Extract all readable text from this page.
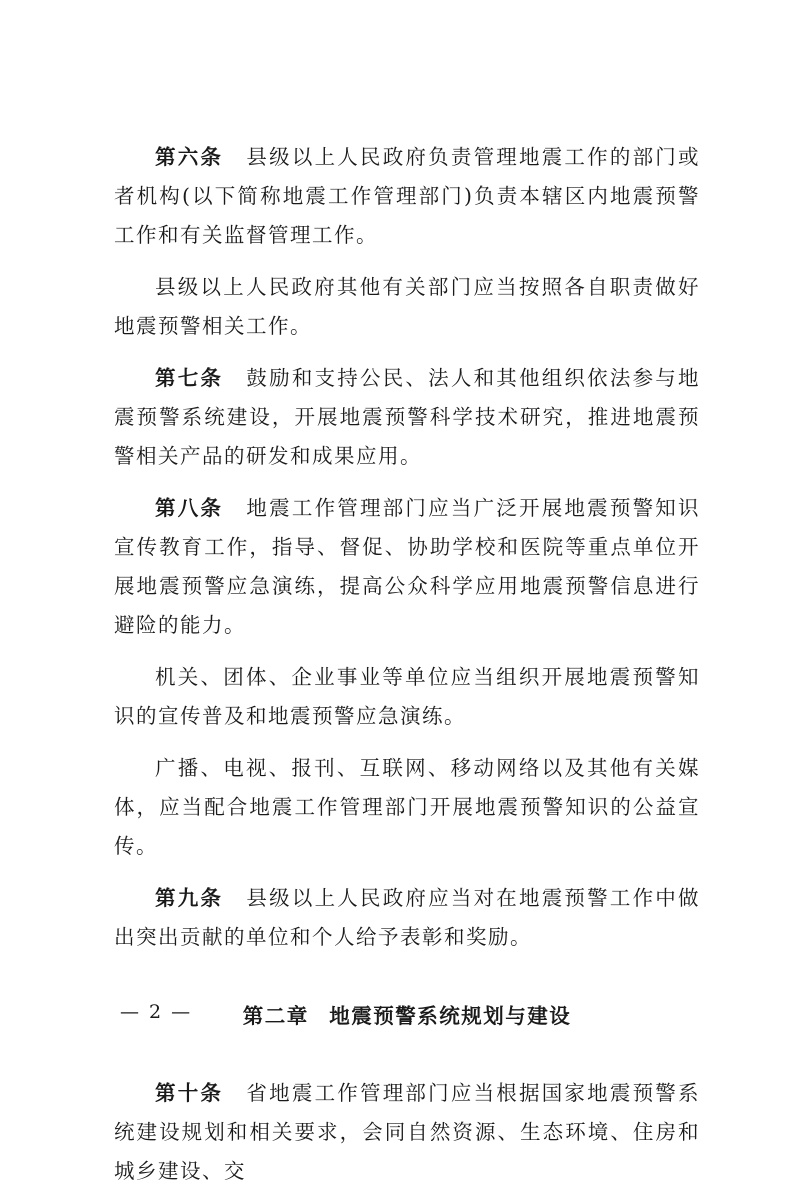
第六条 县级以上人民政府负责管理地震工作的部门或者机构(以下简称地震工作管理部门)负责本辖区内地震预警工作和有关监督管理工作。

县级以上人民政府其他有关部门应当按照各自职责做好地震预警相关工作。

第七条 鼓励和支持公民、法人和其他组织依法参与地震预警系统建设，开展地震预警科学技术研究，推进地震预警相关产品的研发和成果应用。

第八条 地震工作管理部门应当广泛开展地震预警知识宣传教育工作，指导、督促、协助学校和医院等重点单位开展地震预警应急演练，提高公众科学应用地震预警信息进行避险的能力。

机关、团体、企业事业等单位应当组织开展地震预警知识的宣传普及和地震预警应急演练。

广播、电视、报刊、互联网、移动网络以及其他有关媒体，应当配合地震工作管理部门开展地震预警知识的公益宣传。

第九条 县级以上人民政府应当对在地震预警工作中做出突出贡献的单位和个人给予表彰和奖励。

第二章 地震预警系统规划与建设

第十条 省地震工作管理部门应当根据国家地震预警系统建设规划和相关要求，会同自然资源、生态环境、住房和城乡建设、交

— 2 —
